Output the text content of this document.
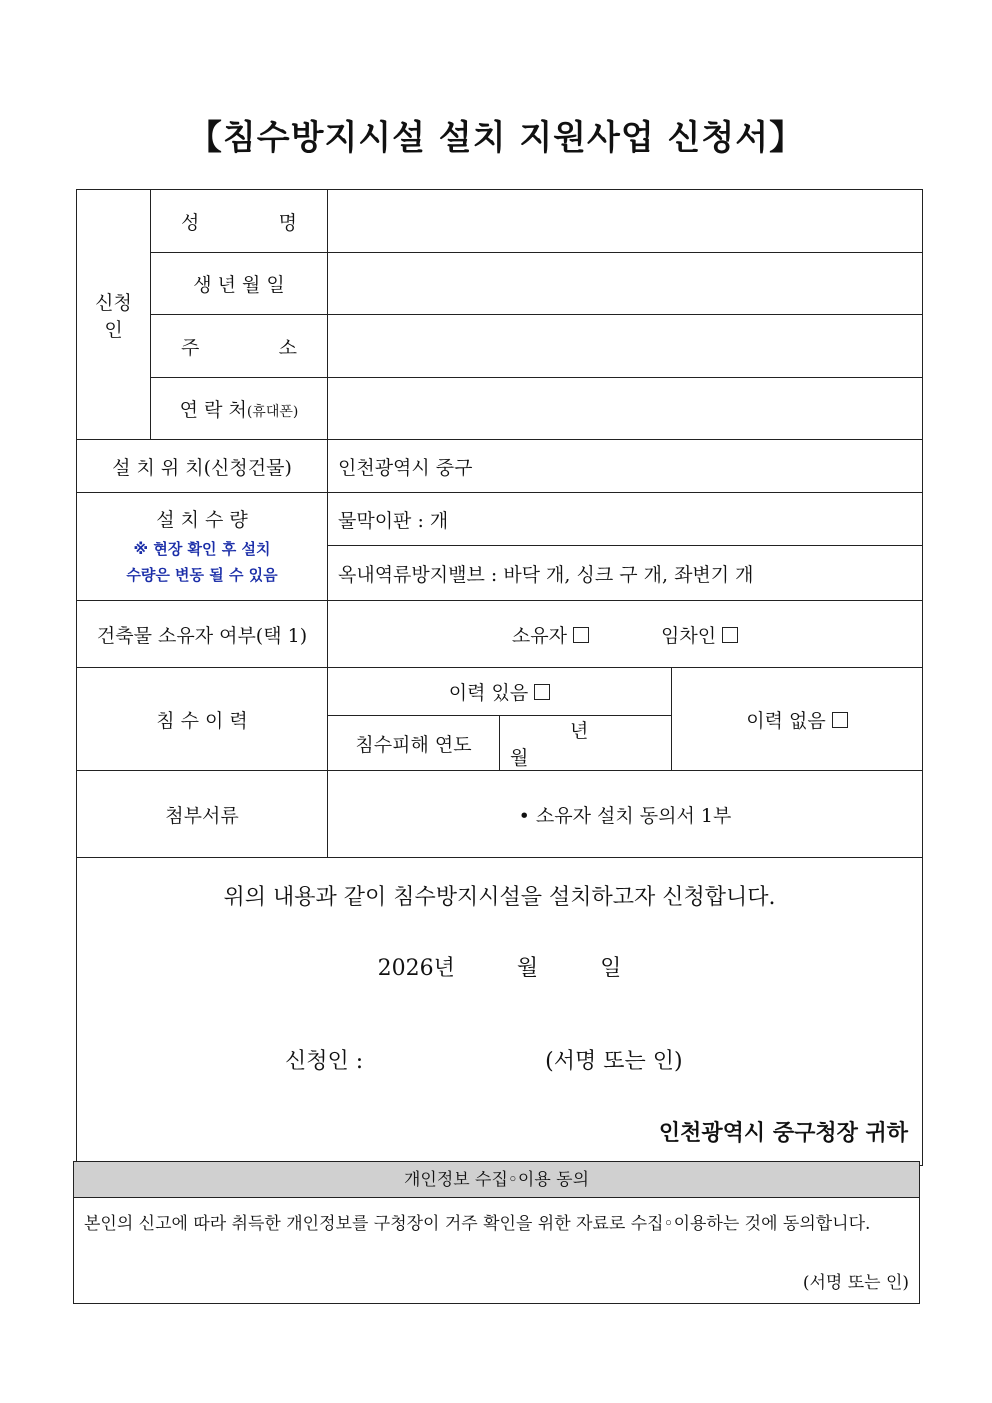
【침수방지시설 설치 지원사업 신청서】
신청인	성 명			

	생 년 월 일			

	주 소			

	연 락 처(휴대폰)			
설 치 위 치(신청건물)		인천광역시 중구		

설 치 수 량
※ 현장 확인 후 설치
수량은 변동 될 수 있음		물막이판 : 개		
		옥내역류방지밸브 : 바닥 개, 싱크 구 개, 좌변기 개		
건축물 소유자 여부(택 1)		소유자 임차인		
침 수 이 력		이력 있음		이력 없음
		침수피해 연도	년월	
첨부서류		• 소유자 설치 동의서 1부		

위의 내용과 같이 침수방지시설을 설치하고자 신청합니다.
2026년 월 일
신청인 : (서명 또는 인)
인천광역시 중구청장 귀하				
개인정보 수집◦이용 동의
본인의 신고에 따라 취득한 개인정보를 구청장이 거주 확인을 위한 자료로 수집◦이용하는 것에 동의합니다.
(서명 또는 인)
